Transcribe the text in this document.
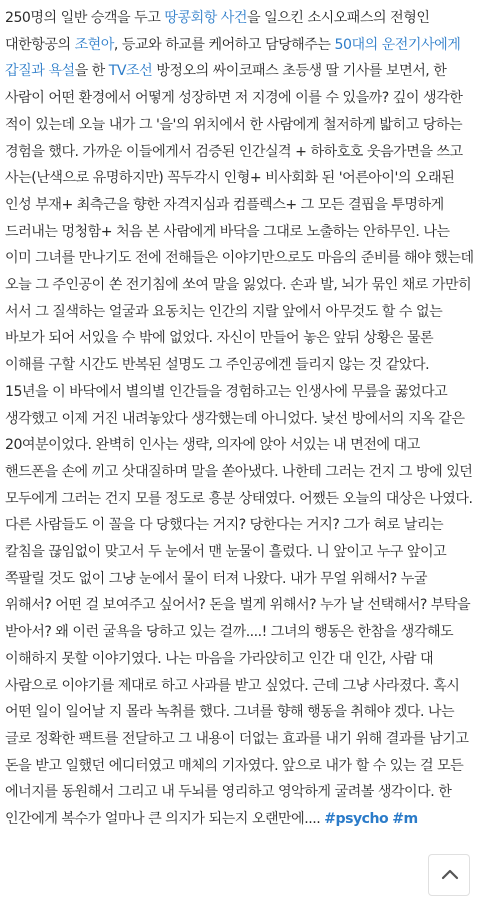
250명의 일반 승객을 두고 땅콩회항 사건을 일으킨 소시오패스의 전형인 대한항공의 조현아, 등교와 하교를 케어하고 담당해주는 50대의 운전기사에게 갑질과 욕설을 한 TV조선 방정오의 싸이코패스 초등생 딸 기사를 보면서, 한 사람이 어떤 환경에서 어떻게 성장하면 저 지경에 이를 수 있을까? 깊이 생각한 적이 있는데 오늘 내가 그 '을'의 위치에서 한 사람에게 철저하게 밟히고 당하는 경험을 했다. 가까운 이들에게서 검증된 인간실격 + 하하호호 웃음가면을 쓰고 사는(난색으로 유명하지만) 꼭두각시 인형+ 비사회화 된 '어른아이'의 오래된 인성 부재+ 최측근을 향한 자격지심과 컴플렉스+ 그 모든 결핍을 투명하게 드러내는 멍청함+ 처음 본 사람에게 바닥을 그대로 노출하는 안하무인. 나는 이미 그녀를 만나기도 전에 전해들은 이야기만으로도 마음의 준비를 해야 했는데 오늘 그 주인공이 쏜 전기침에 쏘여 말을 잃었다. 손과 발, 뇌가 묶인 채로 가만히 서서 그 질색하는 얼굴과 요동치는 인간의 지랄 앞에서 아무것도 할 수 없는 바보가 되어 서있을 수 밖에 없었다. 자신이 만들어 놓은 앞뒤 상황은 물론 이해를 구할 시간도 반복된 설명도 그 주인공에겐 들리지 않는 것 같았다. 15년을 이 바닥에서 별의별 인간들을 경험하고는 인생사에 무릎을 꿇었다고 생각했고 이제 거진 내려놓았다 생각했는데 아니었다. 낯선 방에서의 지옥 같은 20여분이었다. 완벽히 인사는 생략, 의자에 앉아 서있는 내 면전에 대고 핸드폰을 손에 끼고 삿대질하며 말을 쏟아냈다. 나한테 그러는 건지 그 방에 있던 모두에게 그러는 건지 모를 정도로 흥분 상태였다. 어쨌든 오늘의 대상은 나였다. 다른 사람들도 이 꼴을 다 당했다는 거지? 당한다는 거지? 그가 혀로 날리는 칼침을 끊임없이 맞고서 두 눈에서 맨 눈물이 흘렀다. 니 앞이고 누구 앞이고 쪽팔릴 것도 없이 그냥 눈에서 물이 터져 나왔다. 내가 무얼 위해서? 누굴 위해서? 어떤 걸 보여주고 싶어서? 돈을 벌게 위해서? 누가 날 선택해서? 부탁을 받아서? 왜 이런 굴욕을 당하고 있는 걸까....! 그녀의 행동은 한참을 생각해도 이해하지 못할 이야기였다. 나는 마음을 가라앉히고 인간 대 인간, 사람 대 사람으로 이야기를 제대로 하고 사과를 받고 싶었다. 근데 그냥 사라졌다. 혹시 어떤 일이 일어날 지 몰라 녹취를 했다. 그녀를 향해 행동을 취해야 겠다. 나는 글로 정확한 팩트를 전달하고 그 내용이 더없는 효과를 내기 위해 결과를 남기고 돈을 받고 일했던 에디터였고 매체의 기자였다. 앞으로 내가 할 수 있는 걸 모든 에너지를 동원해서 그리고 내 두뇌를 영리하고 영악하게 굴려볼 생각이다. 한 인간에게 복수가 얼마나 큰 의지가 되는지 오랜만에.... #psycho #m
